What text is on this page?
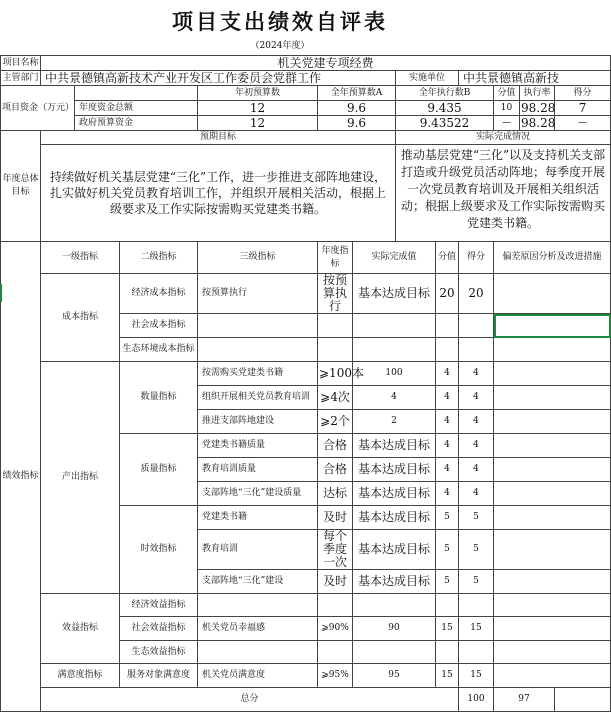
项目支出绩效自评表
（2024年度）
项目名称	机关党建专项经费											
主管部门	中共景德镇高新技术产业开发区工作委员会党群工作						实施单位		中共景德镇高新技			
项目资金（万元）				年初预算数	全年预算数A		全年执行数B			分值	执行率	得分
		年度资金总额		12	9.6		9.435			10	98.28	7
		政府预算资金		12	9.6		9.43522			—	98.28	—
年度总体目标	预期目标						实际完成情况					
	持续做好机关基层党建“三化”工作，进一步推进支部阵地建设，扎实做好机关党员教育培训工作，并组织开展相关活动，根据上级要求及工作实际按需购买党建类书籍。						推动基层党建“三化”以及支持机关支部打造或升级党员活动阵地；每季度开展一次党员教育培训及开展相关组织活动；根据上级要求及工作实际按需购买党建类书籍。					
绩效指标	一级指标		二级指标	三级指标	年度指标	实际完成值		分值	得分	偏差原因分析及改进措施		
	成本指标		经济成本指标	按预算执行	按预算执行	基本达成目标		20	20			
			社会成本指标									
			生态环境成本指标									
	产出指标		数量指标	按需购买党建类书籍	⩾100本	100		4	4			
				组织开展相关党员教育培训	⩾4次	4		4	4			
				推进支部阵地建设	⩾2个	2		4	4			
			质量指标	党建类书籍质量	合格	基本达成目标		4	4			
				教育培训质量	合格	基本达成目标		4	4			
				支部阵地“三化”建设质量	达标	基本达成目标		4	4			
			时效指标	党建类书籍	及时	基本达成目标		5	5			
				教育培训	每个季度一次	基本达成目标		5	5			
				支部阵地“三化”建设	及时	基本达成目标		5	5			
	效益指标		经济效益指标									
			社会效益指标	机关党员幸福感	⩾90%	90		15	15			
			生态效益指标									
	满意度指标		服务对象满意度	机关党员满意度	⩾95%	95		15	15			
	总分								100	97		
